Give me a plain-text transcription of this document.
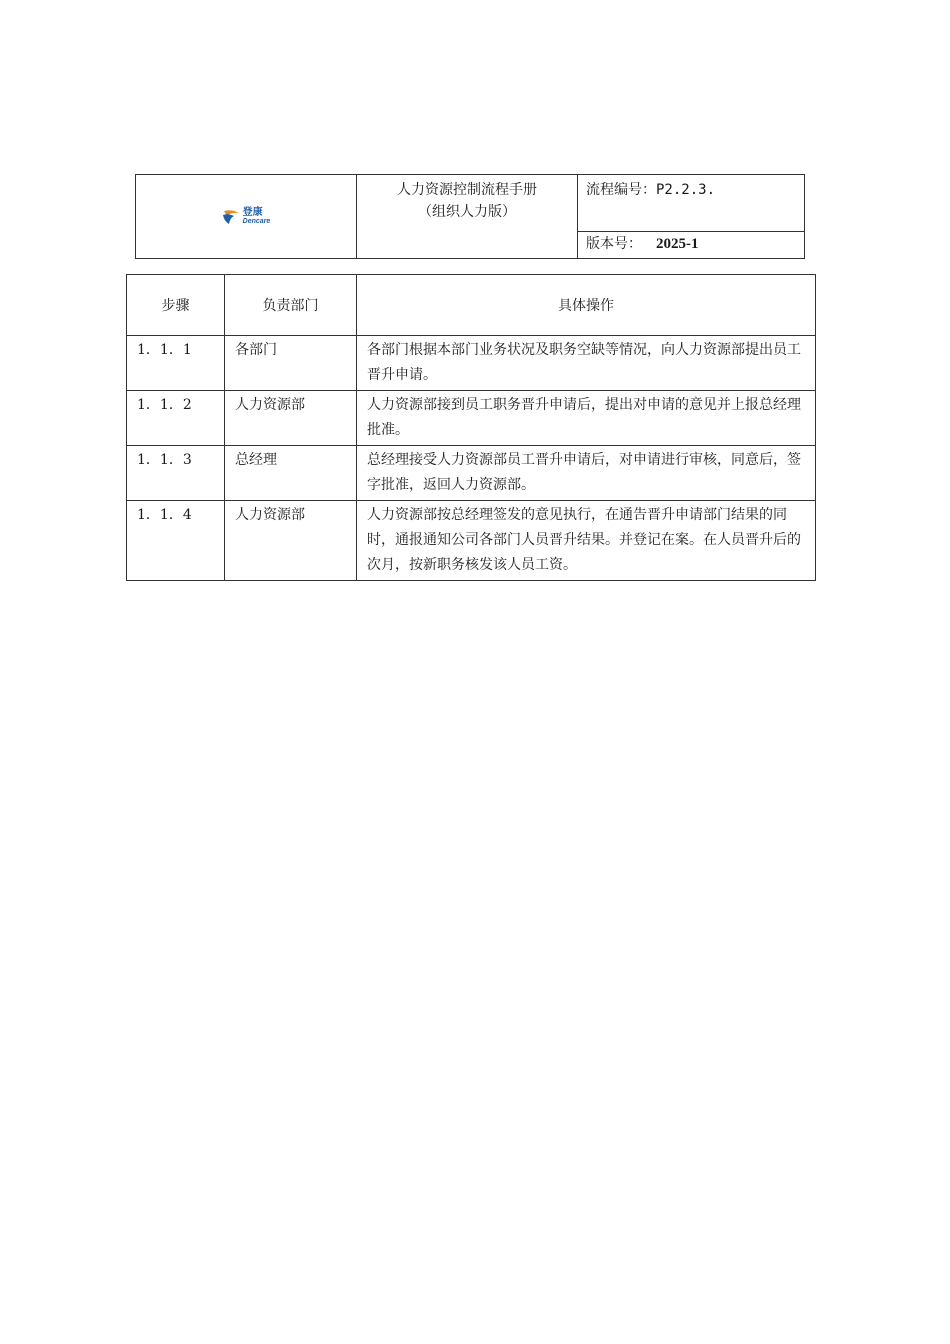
登康
Dencare

人力资源控制流程手册
（组织人力版）
	流程编号：P2.2.3.
版本号： 2025-1
步骤	负责部门	具体操作
1．1．1	各部门	各部门根据本部门业务状况及职务空缺等情况，向人力资源部提出员工晋升申请。
1．1．2	人力资源部	人力资源部接到员工职务晋升申请后，提出对申请的意见并上报总经理批准。
1．1．3	总经理	总经理接受人力资源部员工晋升申请后，对申请进行审核，同意后，签字批准，返回人力资源部。
1．1．4	人力资源部	人力资源部按总经理签发的意见执行，在通告晋升申请部门结果的同时，通报通知公司各部门人员晋升结果。并登记在案。在人员晋升后的次月，按新职务核发该人员工资。
